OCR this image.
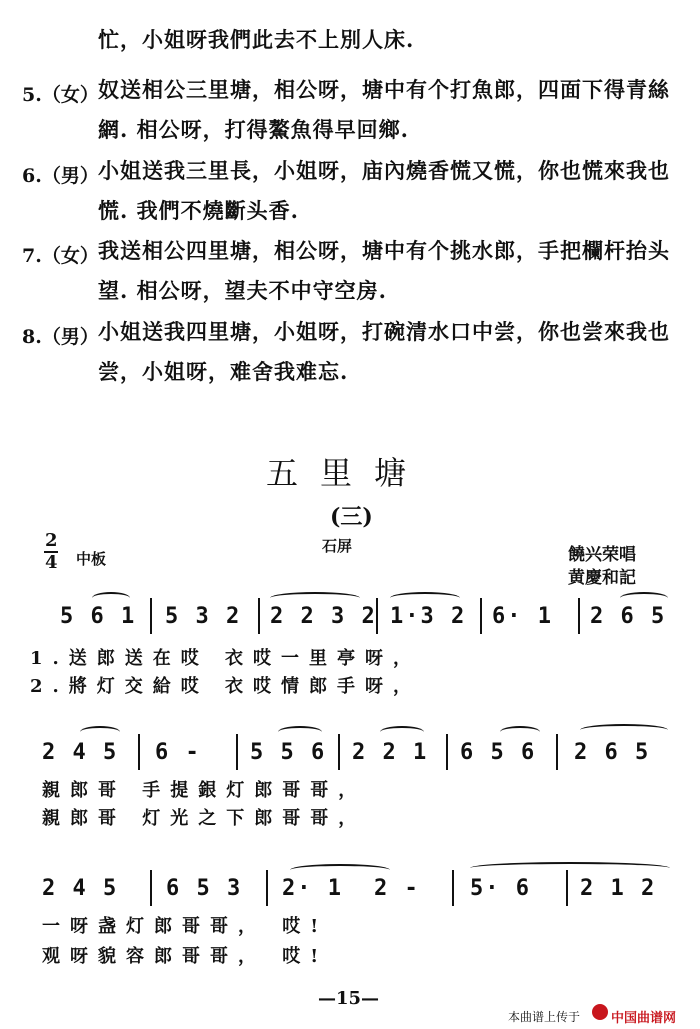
忙，小姐呀我們此去不上別人床.
5.（女） 奴送相公三里塘，相公呀，塘中有个打魚郎，四面下得青絲
網. 相公呀，打得鰲魚得早回鄉.
6.（男） 小姐送我三里長，小姐呀，庙內燒香慌又慌，你也慌來我也
慌. 我們不燒斷头香.
7.（女） 我送相公四里塘，相公呀，塘中有个挑水郎，手把欄杆抬头
望. 相公呀，望夫不中守空房.
8.（男） 小姐送我四里塘，小姐呀，打碗清水口中尝，你也尝來我也
尝，小姐呀，难舍我难忘.
五里塘
(三)
2
4 中板
石屏	饒兴荣唱
黄慶和記
5 6 1 5 3 2 2 2 3 2 1·3 2 6· 1 2 6 5
1.送郎送在哎 衣哎一里亭呀，
2.將灯交給哎 衣哎情郎手呀，
2 4 5 6 - 5 5 6 2 2 1 6 5 6 2 6 5
親郎哥 手提銀灯郎哥哥，
親郎哥 灯光之下郎哥哥，
2 4 5 6 5 3 2· 1 2 - 5· 6 2 1 2
一呀盏灯郎哥哥， 哎!
观呀貌容郎哥哥， 哎!
—15—
本曲谱上传于 中国曲谱网
